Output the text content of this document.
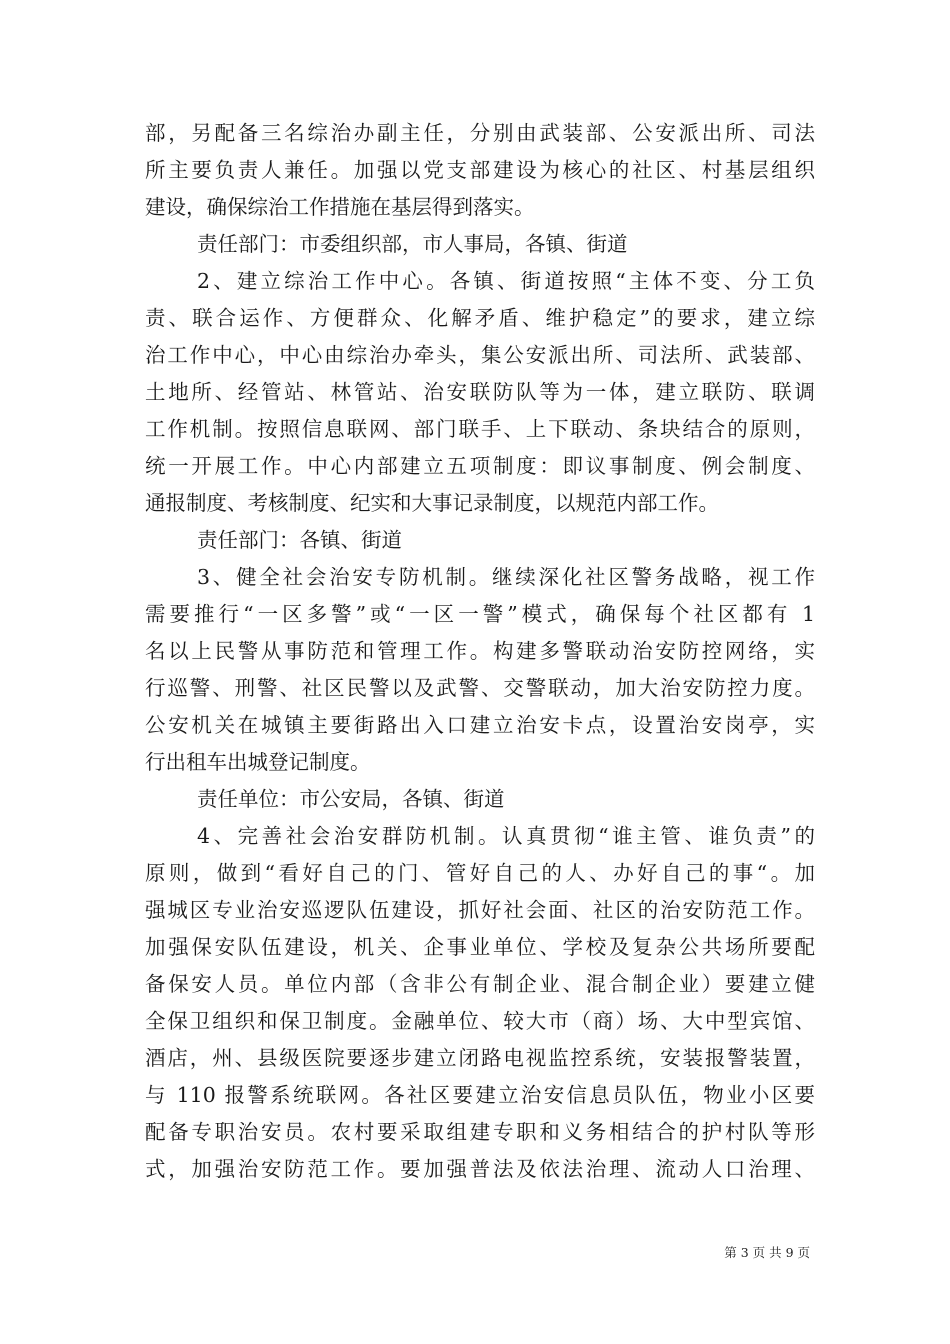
部，另配备三名综治办副主任，分别由武装部、公安派出所、司法
所主要负责人兼任。加强以党支部建设为核心的社区、村基层组织
建设，确保综治工作措施在基层得到落实。
责任部门：市委组织部，市人事局，各镇、街道
2、建立综治工作中心。各镇、街道按照“主体不变、分工负
责、联合运作、方便群众、化解矛盾、维护稳定”的要求，建立综
治工作中心，中心由综治办牵头，集公安派出所、司法所、武装部、
土地所、经管站、林管站、治安联防队等为一体，建立联防、联调
工作机制。按照信息联网、部门联手、上下联动、条块结合的原则，
统一开展工作。中心内部建立五项制度：即议事制度、例会制度、
通报制度、考核制度、纪实和大事记录制度，以规范内部工作。
责任部门：各镇、街道
3、健全社会治安专防机制。继续深化社区警务战略，视工作
需要推行“一区多警”或“一区一警”模式，确保每个社区都有 1
名以上民警从事防范和管理工作。构建多警联动治安防控网络，实
行巡警、刑警、社区民警以及武警、交警联动，加大治安防控力度。
公安机关在城镇主要街路出入口建立治安卡点，设置治安岗亭，实
行出租车出城登记制度。
责任单位：市公安局，各镇、街道
4、完善社会治安群防机制。认真贯彻“谁主管、谁负责”的
原则，做到“看好自己的门、管好自己的人、办好自己的事“。加
强城区专业治安巡逻队伍建设，抓好社会面、社区的治安防范工作。
加强保安队伍建设，机关、企事业单位、学校及复杂公共场所要配
备保安人员。单位内部（含非公有制企业、混合制企业）要建立健
全保卫组织和保卫制度。金融单位、较大市（商）场、大中型宾馆、
酒店，州、县级医院要逐步建立闭路电视监控系统，安装报警装置，
与 110 报警系统联网。各社区要建立治安信息员队伍，物业小区要
配备专职治安员。农村要采取组建专职和义务相结合的护村队等形
式，加强治安防范工作。要加强普法及依法治理、流动人口治理、
第 3 页 共 9 页
